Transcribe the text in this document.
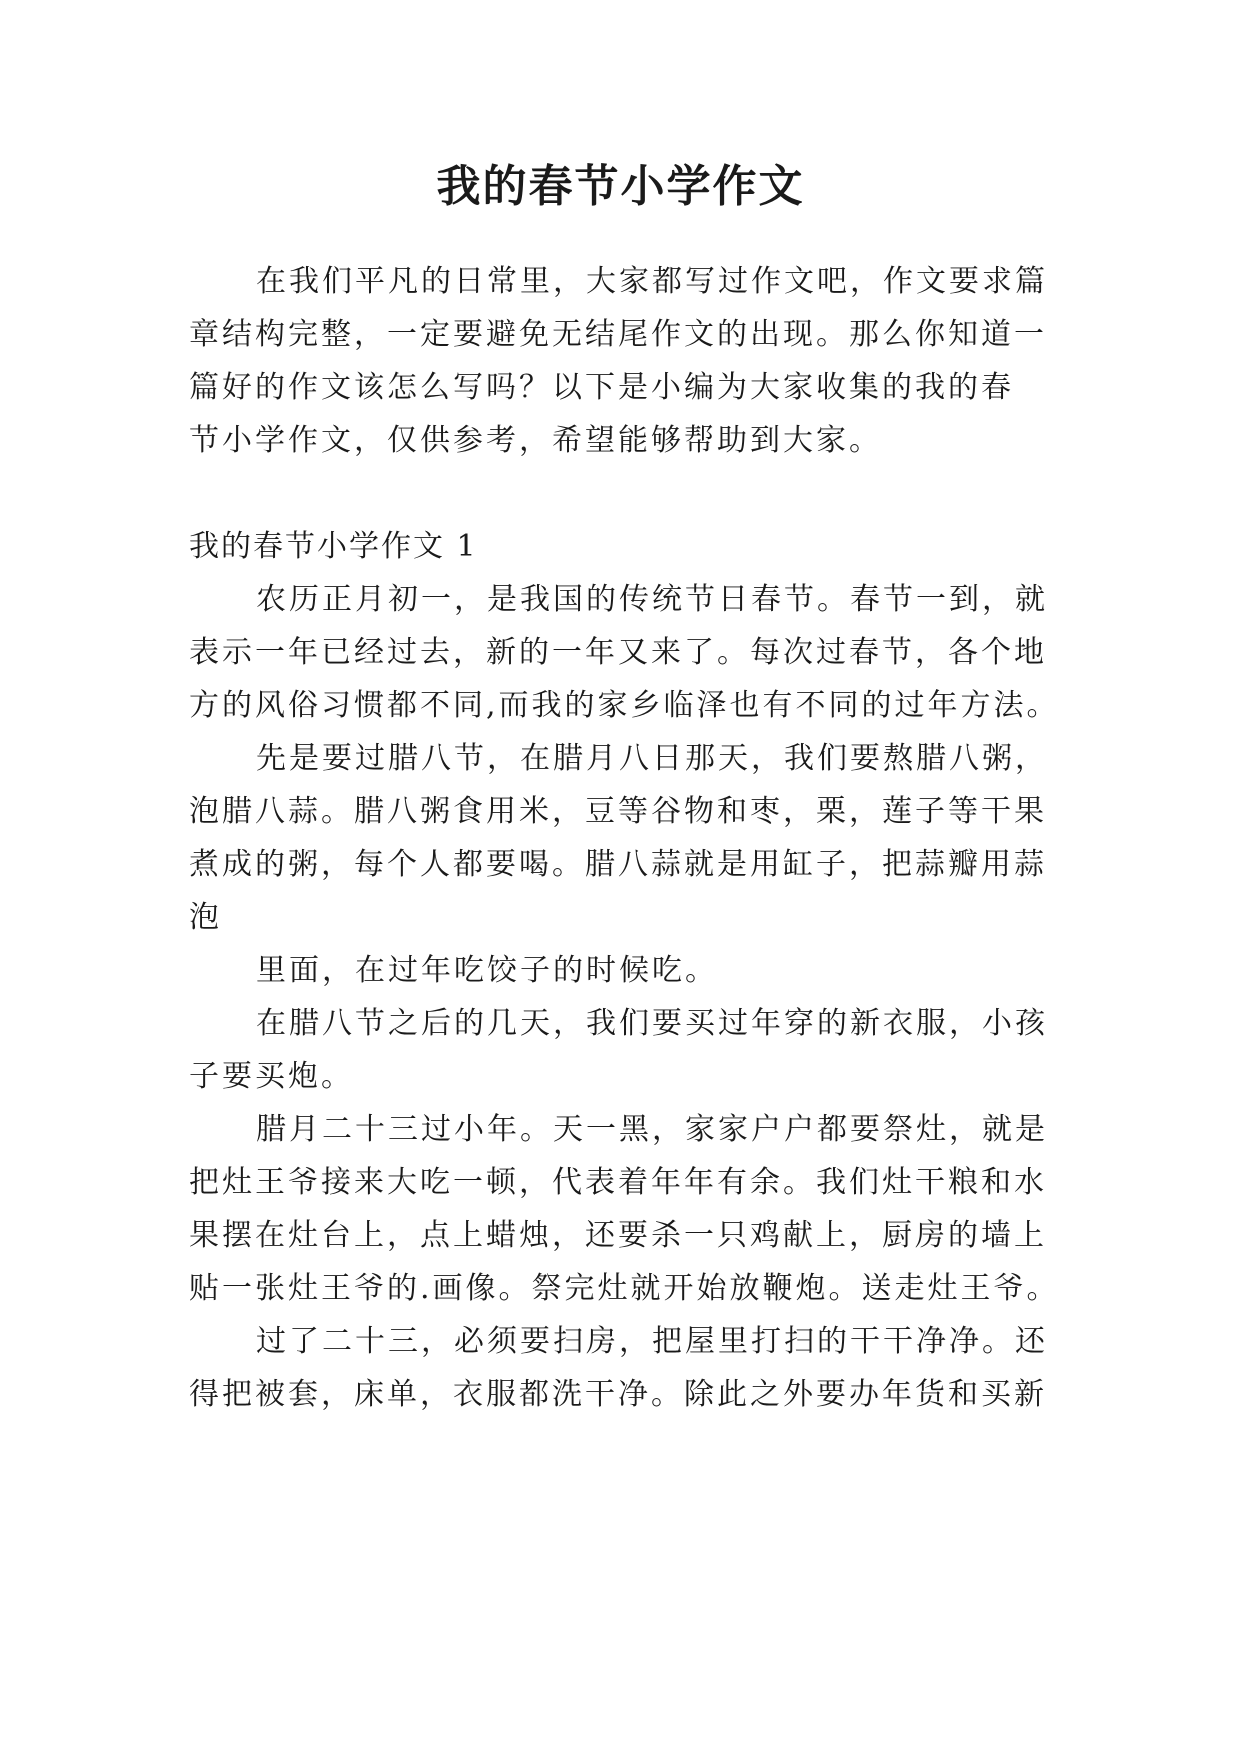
我的春节小学作文
在我们平凡的日常里，大家都写过作文吧，作文要求篇
章结构完整，一定要避免无结尾作文的出现。那么你知道一
篇好的作文该怎么写吗？以下是小编为大家收集的我的春
节小学作文，仅供参考，希望能够帮助到大家。
我的春节小学作文 1
农历正月初一，是我国的传统节日春节。春节一到，就
表示一年已经过去，新的一年又来了。每次过春节，各个地
方的风俗习惯都不同,而我的家乡临泽也有不同的过年方法。
先是要过腊八节，在腊月八日那天，我们要熬腊八粥，
泡腊八蒜。腊八粥食用米，豆等谷物和枣，栗，莲子等干果
煮成的粥，每个人都要喝。腊八蒜就是用缸子，把蒜瓣用蒜
泡
里面，在过年吃饺子的时候吃。
在腊八节之后的几天，我们要买过年穿的新衣服，小孩
子要买炮。
腊月二十三过小年。天一黑，家家户户都要祭灶，就是
把灶王爷接来大吃一顿，代表着年年有余。我们灶干粮和水
果摆在灶台上，点上蜡烛，还要杀一只鸡献上，厨房的墙上
贴一张灶王爷的.画像。祭完灶就开始放鞭炮。送走灶王爷。
过了二十三，必须要扫房，把屋里打扫的干干净净。还
得把被套，床单，衣服都洗干净。除此之外要办年货和买新
